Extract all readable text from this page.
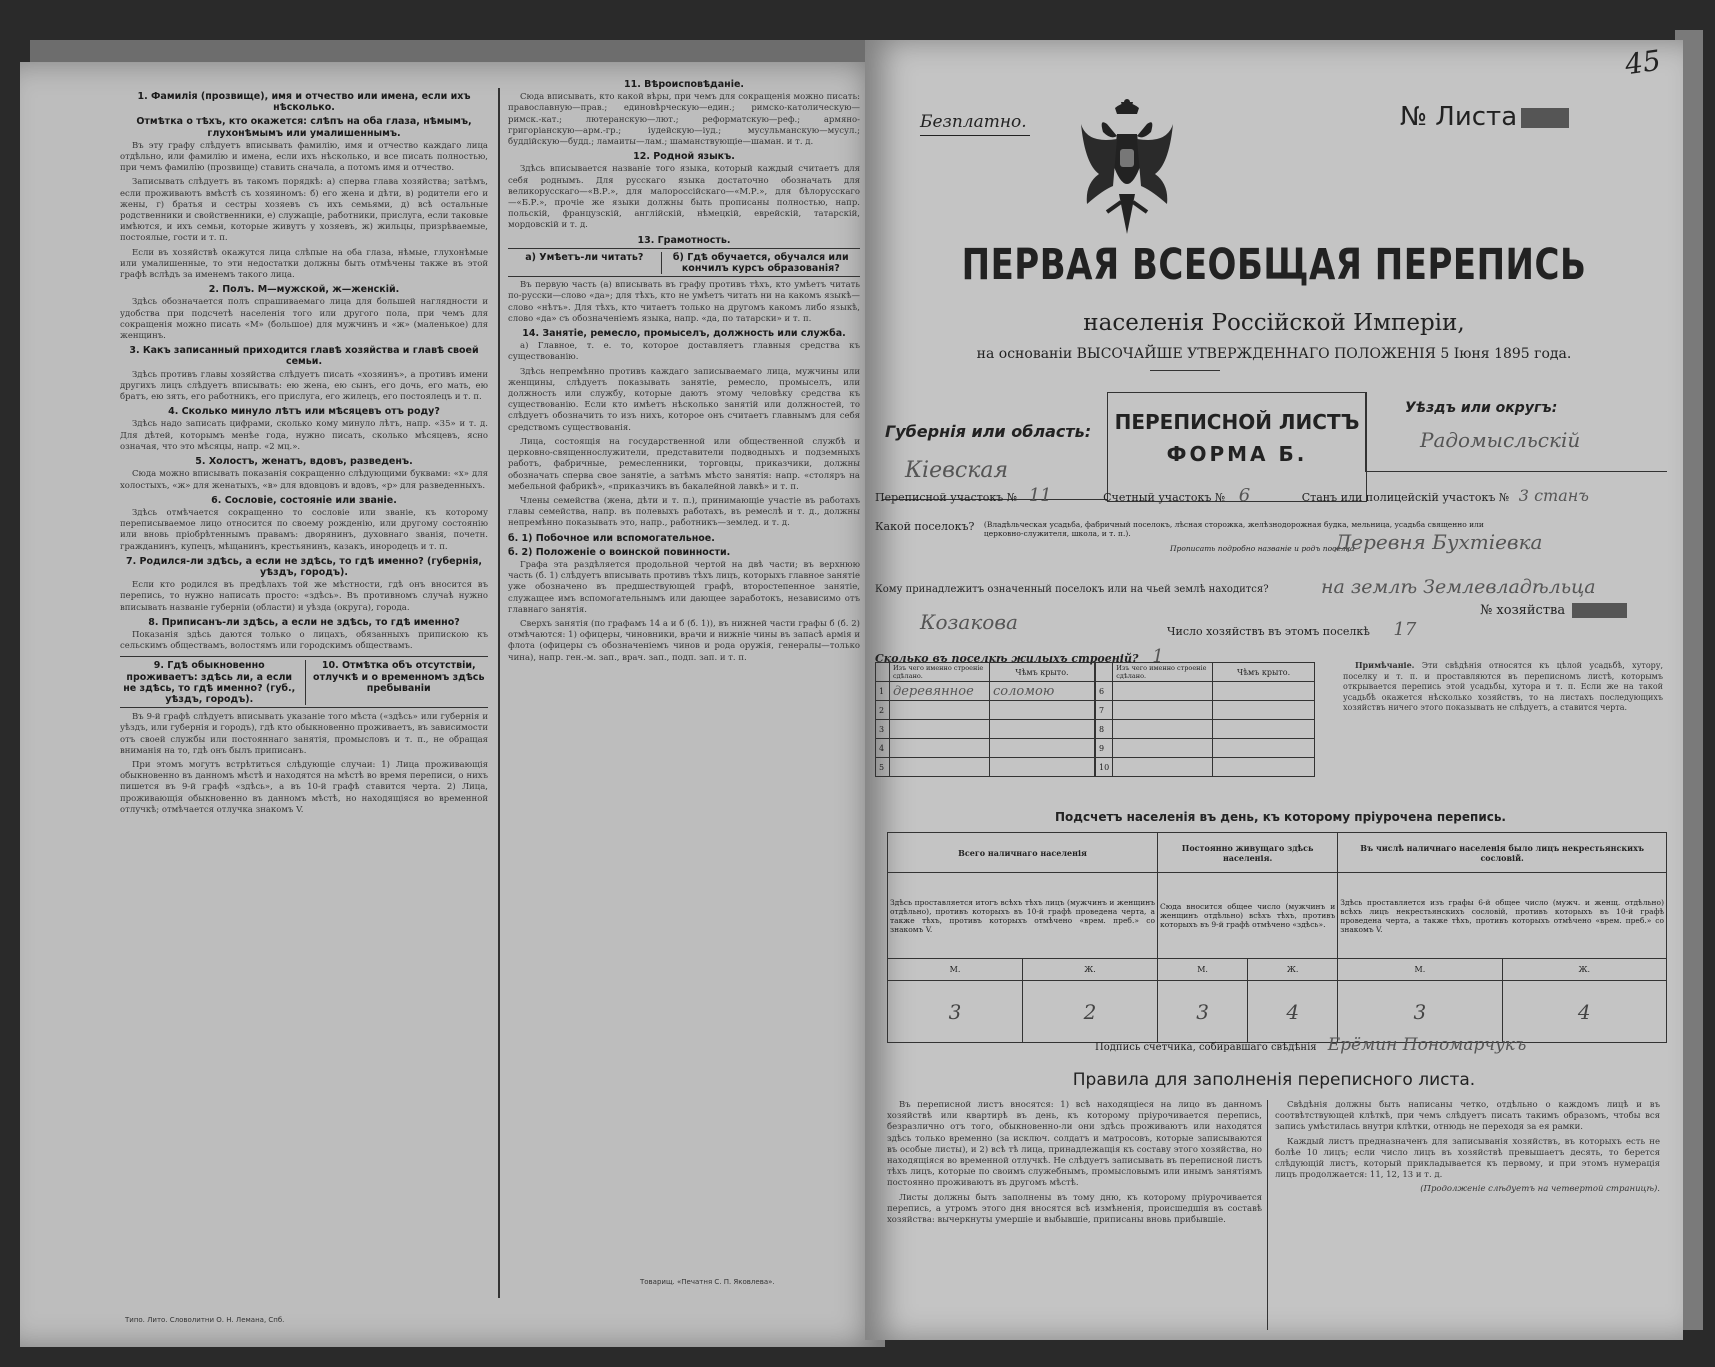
1. Фамилія (прозвище), имя и отчество или имена, если ихъ нѣсколько.
Отмѣтка о тѣхъ, кто окажется: слѣпъ на оба глаза, нѣмымъ, глухонѣмымъ или умалишеннымъ.

Въ эту графу слѣдуетъ вписывать фамилію, имя и отчество каждаго лица отдѣльно, или фамилію и имена, если ихъ нѣсколько, и все писать полностью, при чемъ фамилію (прозвище) ставить сначала, а потомъ имя и отчество.

Записывать слѣдуетъ въ такомъ порядкѣ: а) сперва глава хозяйства; затѣмъ, если проживаютъ вмѣстѣ съ хозяиномъ: б) его жена и дѣти, в) родители его и жены, г) братья и сестры хозяевъ съ ихъ семьями, д) всѣ остальные родственники и свойственники, е) служащіе, работники, прислуга, если таковые имѣются, и ихъ семьи, которые живутъ у хозяевъ, ж) жильцы, призрѣваемые, постоялые, гости и т. п.

Если въ хозяйствѣ окажутся лица слѣпые на оба глаза, нѣмые, глухонѣмые или умалишенные, то эти недостатки должны быть отмѣчены также въ этой графѣ вслѣдъ за именемъ такого лица.

2. Полъ. М—мужской, ж—женскій.

Здѣсь обозначается полъ спрашиваемаго лица для большей наглядности и удобства при подсчетѣ населенія того или другого пола, при чемъ для сокращенія можно писать «М» (большое) для мужчинъ и «ж» (маленькое) для женщинъ.

3. Какъ записанный приходится главѣ хозяйства и главѣ своей семьи.

Здѣсь противъ главы хозяйства слѣдуетъ писать «хозяинъ», а противъ имени другихъ лицъ слѣдуетъ вписывать: ею жена, ею сынъ, его дочь, его мать, ею братъ, ею зять, его работникъ, его прислуга, его жилецъ, его постоялецъ и т. п.

4. Сколько минуло лѣтъ или мѣсяцевъ отъ роду?

Здѣсь надо записать цифрами, сколько кому минуло лѣтъ, напр. «35» и т. д. Для дѣтей, которымъ менѣе года, нужно писать, сколько мѣсяцевъ, ясно означая, что это мѣсяцы, напр. «2 мц.».

5. Холостъ, женатъ, вдовъ, разведенъ.

Сюда можно вписывать показанія сокращенно слѣдующими буквами: «х» для холостыхъ, «ж» для женатыхъ, «в» для вдовцовъ и вдовъ, «р» для разведенныхъ.

6. Сословіе, состояніе или званіе.

Здѣсь отмѣчается сокращенно то сословіе или званіе, къ которому переписываемое лицо относится по своему рожденію, или другому состоянію или вновь пріобрѣтеннымъ правамъ: дворянинъ, духовнаго званія, почетн. гражданинъ, купецъ, мѣщанинъ, крестьянинъ, казакъ, инородецъ и т. п.

7. Родился-ли здѣсь, а если не здѣсь, то гдѣ именно? (губернія, уѣздъ, городъ).

Если кто родился въ предѣлахъ той же мѣстности, гдѣ онъ вносится въ перепись, то нужно написать просто: «здѣсь». Въ противномъ случаѣ нужно вписывать названіе губерніи (области) и уѣзда (округа), города.

8. Приписанъ-ли здѣсь, а если не здѣсь, то гдѣ именно?

Показанія здѣсь даются только о лицахъ, обязанныхъ припискою къ сельскимъ обществамъ, волостямъ или городскимъ обществамъ.

9. Гдѣ обыкновенно проживаетъ: здѣсь ли, а если не здѣсь, то гдѣ именно? (губ., уѣздъ, городъ).
10. Отмѣтка объ отсутствіи, отлучкѣ и о временномъ здѣсь пребываніи

Въ 9-й графѣ слѣдуетъ вписывать указаніе того мѣста («здѣсь» или губернія и уѣздъ, или губернія и городъ), гдѣ кто обыкновенно проживаетъ, въ зависимости отъ своей службы или постояннаго занятія, промысловъ и т. п., не обращая вниманія на то, гдѣ онъ былъ приписанъ.

При этомъ могутъ встрѣтиться слѣдующіе случаи: 1) Лица проживающія обыкновенно въ данномъ мѣстѣ и находятся на мѣстѣ во время переписи, о нихъ пишется въ 9-й графѣ «здѣсь», а въ 10-й графѣ ставится черта. 2) Лица, проживающія обыкновенно въ данномъ мѣстѣ, но находящіяся во временной отлучкѣ; отмѣчается отлучка знакомъ V.

11. Вѣроисповѣданіе.

Сюда вписывать, кто какой вѣры, при чемъ для сокращенія можно писать: православную—прав.; единовѣрческую—един.; римско-католическую—римск.-кат.; лютеранскую—лют.; реформатскую—реф.; армяно-григоріанскую—арм.-гр.; іудейскую—іуд.; мусульманскую—мусул.; буддійскую—будд.; ламаиты—лам.; шаманствующіе—шаман. и т. д.

12. Родной языкъ.

Здѣсь вписывается названіе того языка, который каждый считаетъ для себя роднымъ. Для русскаго языка достаточно обозначать для великорусскаго—«В.Р.», для малороссійскаго—«М.Р.», для бѣлорусскаго—«Б.Р.», прочіе же языки должны быть прописаны полностью, напр. польскій, французскій, англійскій, нѣмецкій, еврейскій, татарскій, мордовскій и т. д.

13. Грамотность.
а) Умѣетъ-ли читать?	б) Гдѣ обучается, обучался или кончилъ курсъ образованія?

Въ первую часть (а) вписывать въ графу противъ тѣхъ, кто умѣетъ читать по-русски—слово «да»; для тѣхъ, кто не умѣетъ читать ни на какомъ языкѣ—слово «нѣтъ». Для тѣхъ, кто читаетъ только на другомъ какомъ либо языкѣ, слово «да» съ обозначеніемъ языка, напр. «да, по татарски» и т. п.

14. Занятіе, ремесло, промыселъ, должность или служба.

а) Главное, т. е. то, которое доставляетъ главныя средства къ существованію.

Здѣсь непремѣнно противъ каждаго записываемаго лица, мужчины или женщины, слѣдуетъ показывать занятіе, ремесло, промыселъ, или должность или службу, которые даютъ этому человѣку средства къ существованію. Если кто имѣетъ нѣсколько занятій или должностей, то слѣдуетъ обозначить то изъ нихъ, которое онъ считаетъ главнымъ для себя средствомъ существованія.

Лица, состоящія на государственной или общественной службѣ и церковно-священнослужители, представители подводныхъ и подземныхъ работъ, фабричные, ремесленники, торговцы, приказчики, должны обозначать сперва свое занятіе, а затѣмъ мѣсто занятія: напр. «столяръ на мебельной фабрикѣ», «приказчикъ въ бакалейной лавкѣ» и т. п.

Члены семейства (жена, дѣти и т. п.), принимающіе участіе въ работахъ главы семейства, напр. въ полевыхъ работахъ, въ ремеслѣ и т. д., должны непремѣнно показывать это, напр., работникъ—землед. и т. д.

б. 1) Побочное или вспомогательное.
б. 2) Положеніе о воинской повинности.

Графа эта раздѣляется продольной чертой на двѣ части; въ верхнюю часть (б. 1) слѣдуетъ вписывать противъ тѣхъ лицъ, которыхъ главное занятіе уже обозначено въ предшествующей графѣ, второстепенное занятіе, служащее имъ вспомогательнымъ или дающее заработокъ, независимо отъ главнаго занятія.

Сверхъ занятія (по графамъ 14 а и б (б. 1)), въ нижней части графы б (б. 2) отмѣчаются: 1) офицеры, чиновники, врачи и нижніе чины въ запасѣ армія и флота (офицеры съ обозначеніемъ чинов и рода оружія, генералы—только чина), напр. ген.-м. зап., врач. зап., подп. зап. и т. п.

Товарищ. «Печатня С. П. Яковлева».
Типо. Лито. Словолитни О. Н. Лемана, Спб.
45
Безплатно.	№ Листа
ПЕРВАЯ ВСЕОБЩАЯ ПЕРЕПИСЬ
населенія Россійской Имперіи,
на основаніи ВЫСОЧАЙШЕ УТВЕРЖДЕННАГО ПОЛОЖЕНІЯ 5 Іюня 1895 года.
Губернія или область:
Кіевская
ПЕРЕПИСНОЙ ЛИСТЪ
ФОРМА Б.
Уѣздъ или округъ:
Радомысльскій
Переписной участокъ № 11	Счетный участокъ № 6	Станъ или полицейскій участокъ № 3 станъ
Какой поселокъ? (Владѣльческая усадьба, фабричный поселокъ, лѣсная сторожка, желѣзнодорожная будка, мельница, усадьба священно или церковно-служителя, школа, и т. п.).
Прописать подробно названіе и родъ поселка
Деревня Бухтіевка
Кому принадлежитъ означенный поселокъ или на чьей землѣ находится?	на землѣ Землевладѣльца
Козакова	Число хозяйствъ въ этомъ поселкѣ 17
№ хозяйства
Сколько въ поселкѣ жилыхъ строеній? 1
	Изъ чего именно строеніе сдѣлано.	Чѣмъ крыто.
1	деревянное	соломою
2		
3		
4		
5		
	Изъ чего именно строеніе сдѣлано.	Чѣмъ крыто.
6		
7		
8		
9		
10		

Примѣчаніе. Эти свѣдѣнія относятся къ цѣлой усадьбѣ, хутору, поселку и т. п. и проставляются въ переписномъ листѣ, которымъ открывается перепись этой усадьбы, хутора и т. п. Если же на такой усадьбѣ окажется нѣсколько хозяйствъ, то на листахъ последующихъ хозяйствъ ничего этого показывать не слѣдуетъ, а ставится черта.

Подсчетъ населенія въ день, къ которому пріурочена перепись.
Всего наличнаго населенія		Постоянно живущаго здѣсь населенія.		Въ числѣ наличнаго населенія было лицъ некрестьянскихъ сословій.	
Здѣсь проставляется итогъ всѣхъ тѣхъ лицъ (мужчинъ и женщинъ отдѣльно), противъ которыхъ въ 10-й графѣ проведена черта, а также тѣхъ, противъ которыхъ отмѣчено «врем. преб.» со знакомъ V.		Сюда вносится общее число (мужчинъ и женщинъ отдѣльно) всѣхъ тѣхъ, противъ которыхъ въ 9-й графѣ отмѣчено «здѣсь».		Здѣсь проставляется изъ графы 6-й общее число (мужч. и женщ. отдѣльно) всѣхъ лицъ некрестьянскихъ сословій, противъ которыхъ въ 10-й графѣ проведена черта, а также тѣхъ, противъ которыхъ отмѣчено «врем. преб.» со знакомъ V.	
М.	Ж.	М.	Ж.	М.	Ж.
3	2	3	4	3	4
Подпись счетчика, собиравшаго свѣдѣнія Ерёмин Пономарчукъ
Правила для заполненія переписного листа.

Въ переписной листъ вносятся: 1) всѣ находящіеся на лицо въ данномъ хозяйствѣ или квартирѣ въ день, къ которому пріурочивается перепись, безразлично отъ того, обыкновенно-ли они здѣсь проживаютъ или находятся здѣсь только временно (за исключ. солдатъ и матросовъ, которые записываются въ особые листы), и 2) всѣ тѣ лица, принадлежащія къ составу этого хозяйства, но находящіяся во временной отлучкѣ. Не слѣдуетъ записывать въ переписной листъ тѣхъ лицъ, которые по своимъ служебнымъ, промысловымъ или инымъ занятіямъ постоянно проживаютъ въ другомъ мѣстѣ.

Листы должны быть заполнены въ тому дню, къ которому пріурочивается перепись, а утромъ этого дня вносятся всѣ измѣненія, происшедшія въ составѣ хозяйства: вычеркнуты умершіе и выбывшіе, приписаны вновь прибывшіе.

Свѣдѣнія должны быть написаны четко, отдѣльно о каждомъ лицѣ и въ соотвѣтствующей клѣткѣ, при чемъ слѣдуетъ писать такимъ образомъ, чтобы вся запись умѣстилась внутри клѣтки, отнюдь не переходя за ея рамки.

Каждый листъ предназначенъ для записыванія хозяйствъ, въ которыхъ есть не болѣе 10 лицъ; если число лицъ въ хозяйствѣ превышаетъ десять, то берется слѣдующій листъ, который прикладывается къ первому, и при этомъ нумерація лицъ продолжается: 11, 12, 13 и т. д.

(Продолженіе слѣдуетъ на четвертой страницѣ).
